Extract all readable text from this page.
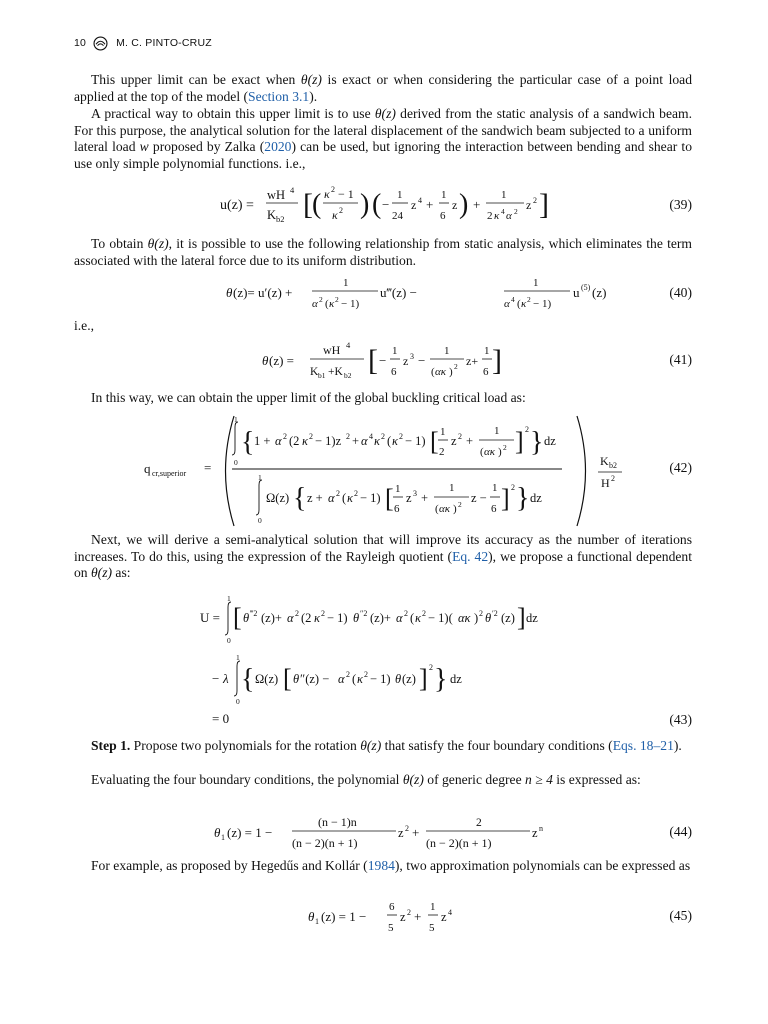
10	M. C. PINTO-CRUZ

This upper limit can be exact when θ(z) is exact or when considering the particular case of a point load applied at the top of the model (Section 3.1).

A practical way to obtain this upper limit is to use θ(z) derived from the static analysis of a sandwich beam. For this purpose, the analytical solution for the lateral displacement of the sandwich beam subjected to a uniform lateral load w proposed by Zalka (2020) can be used, but ignoring the interaction between bending and shear to use only simple polynomial functions. i.e.,

u(z) =
wH 4
K b2 [ ( κ 2 − 1
κ 2 ) ( −
1
24
z 4 +
1
6
z ) +
1
2 κ 4 α 2 z 2 ]	(39)

To obtain θ(z), it is possible to use the following relationship from static analysis, which eliminates the term associated with the lateral force due to its uniform distribution.

θ (z)= u′(z) +
1
α 2 ( κ 2 − 1)
u‴(z) −
1
α 4 ( κ 2 − 1)
u (5) (z)	(40)

i.e.,

θ (z) =
wH 4
K b1 +K b2 [ −
1
6
z 3 −
1
( ακ ) 2 z+
1
6 ]	(41)

In this way, we can obtain the upper limit of the global buckling critical load as:

q cr,superior =
1
0
{ 1 + α 2 (2 κ 2 − 1)z 2 + α 4 κ 2 ( κ 2 − 1) [ 1
2
z 2 +
1
( ακ ) 2 ] 2 } dz
1
0
Ω(z) { z + α 2 ( κ 2 − 1) [ 1
6
z 3 +
1
( ακ ) 2 z −
1
6 ] 2 } dz
K b2
H 2
(42)

Next, we will derive a semi-analytical solution that will improve its accuracy as the number of iterations increases. To do this, using the expression of the Rayleigh quotient (Eq. 42), we propose a functional dependent on θ(z) as:

U =
1
0
[ θ ‴2 (z)+ α 2 (2 κ 2 − 1) θ ″2 (z)+ α 2 ( κ 2 − 1)( ακ ) 2 θ ′2 (z) ] dz
− λ
1
0
{ Ω(z) [ θ ″(z) − α 2 ( κ 2 − 1) θ (z) ] 2 } dz
= 0	(43)

Step 1. Propose two polynomials for the rotation θ(z) that satisfy the four boundary conditions (Eqs. 18–21).

Evaluating the four boundary conditions, the polynomial θ(z) of generic degree n ≥ 4 is expressed as:

θ 1 (z) = 1 −
(n − 1)n
(n − 2)(n + 1)
z 2 +
2
(n − 2)(n + 1)
z n	(44)

For example, as proposed by Hegedűs and Kollár (1984), two approximation polynomials can be expressed as

θ 1 (z) = 1 −
6
5
z 2 +
1
5
z 4	(45)
